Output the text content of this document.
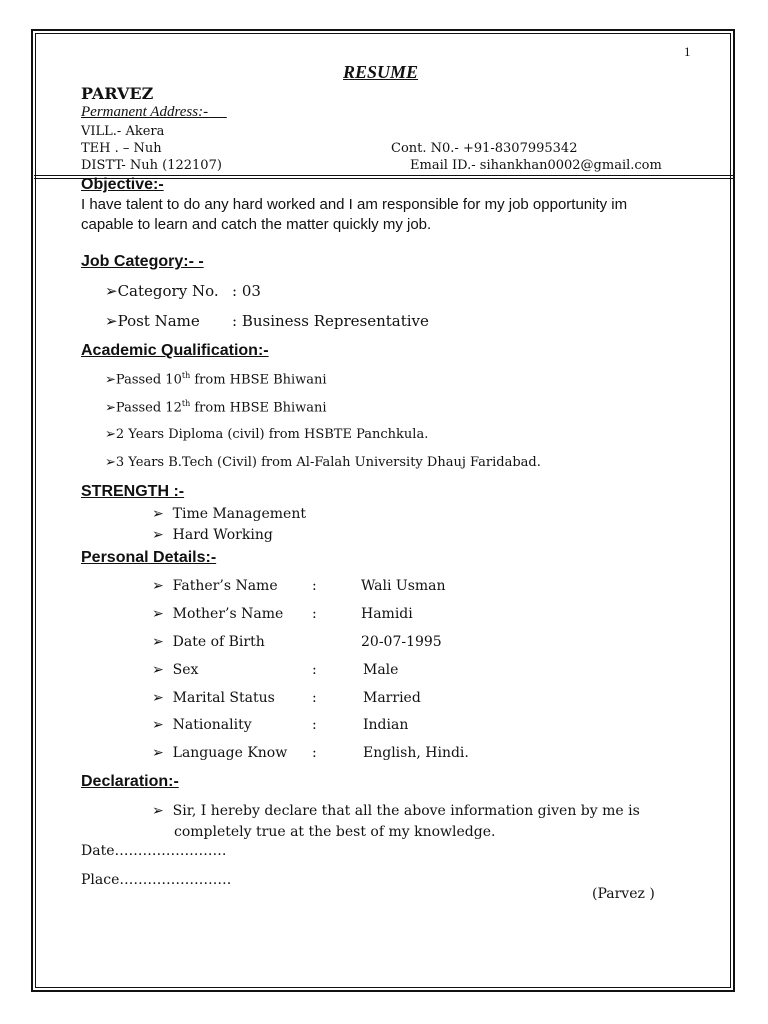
1
RESUME
PARVEZ
Permanent Address:-
VILL.- Akera
TEH . – Nuh
DISTT- Nuh (122107)
Cont. N0.- +91-8307995342
Email ID.- sihankhan0002@gmail.com
Objective:-
I have talent to do any hard worked and I am responsible for my job opportunity im
capable to learn and catch the matter quickly my job.
Job Category:- -
➢Category No. : 03
➢Post Name : Business Representative
Academic Qualification:-
➢Passed 10th from HBSE Bhiwani
➢Passed 12th from HBSE Bhiwani
➢2 Years Diploma (civil) from HSBTE Panchkula.
➢3 Years B.Tech (Civil) from Al-Falah University Dhauj Faridabad.
STRENGTH :-
➢ Time Management
➢ Hard Working
Personal Details:-
➢ Father’s Name :	Wali Usman
➢ Mother’s Name :	Hamidi
➢ Date of Birth	20-07-1995
➢ Sex	:	Male
➢ Marital Status	:	Married
➢ Nationality	:	Indian
➢ Language Know :	English, Hindi.
Declaration:-
➢ Sir, I hereby declare that all the above information given by me is
completely true at the best of my knowledge.
Date……………………
Place……………………
(Parvez )
